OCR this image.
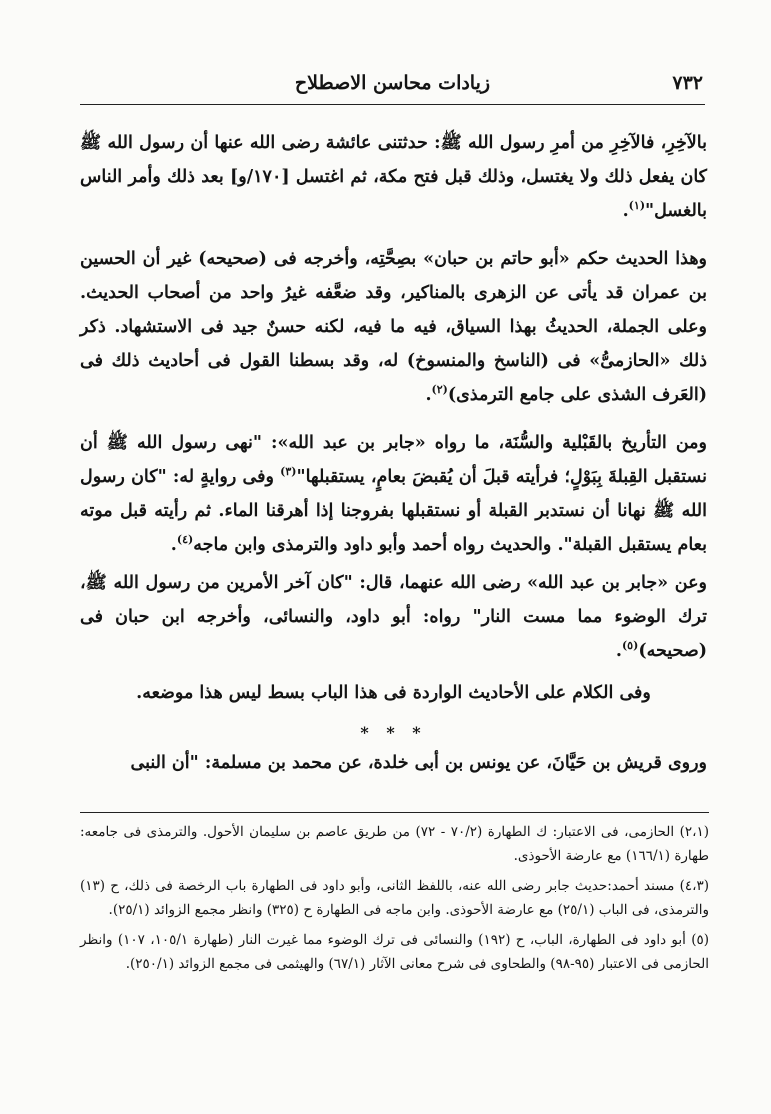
٧٣٢
زيادات محاسن الاصطلاح

بالآخِرِ، فالآخِرِ من أمرِ رسول الله ﷺ: حدثتنى عائشة رضى الله عنها أن رسول الله ﷺ كان يفعل ذلك ولا يغتسل، وذلك قبل فتح مكة، ثم اغتسل [١٧٠/و] بعد ذلك وأمر الناس بالغسل"$^{(١)}$.

وهذا الحديث حكم «أبو حاتم بن حبان» بصِحَّتِه، وأخرجه فى (صحيحه) غير أن الحسين بن عمران قد يأتى عن الزهرى بالمناكير، وقد ضعَّفه غيرُ واحد من أصحاب الحديث. وعلى الجملة، الحديثُ بهذا السياق، فيه ما فيه، لكنه حسنٌ جيد فى الاستشهاد. ذكر ذلك «الحازمىُّ» فى (الناسخ والمنسوخ) له، وقد بسطنا القول فى أحاديث ذلك فى (العَرف الشذى على جامع الترمذى)$^{(٢)}$.

ومن التأريخ بالقَبْلية والسُّنَة، ما رواه «جابر بن عبد الله»: "نهى رسول الله ﷺ أن نستقبل القِبلةَ بِبَوْلٍ؛ فرأيته قبلَ أن يُقبضَ بعامٍ، يستقبلها"$^{(٣)}$ وفى روايةٍ له: "كان رسول الله ﷺ نهانا أن نستدبر القبلة أو نستقبلها بفروجنا إذا أهرقنا الماء. ثم رأيته قبل موته بعام يستقبل القبلة". والحديث رواه أحمد وأبو داود والترمذى وابن ماجه$^{(٤)}$.

وعن «جابر بن عبد الله» رضى الله عنهما، قال: "كان آخر الأمرين من رسول الله ﷺ، ترك الوضوء مما مست النار" رواه: أبو داود، والنسائى، وأخرجه ابن حبان فى (صحيحه)$^{(٥)}$.

وفى الكلام على الأحاديث الواردة فى هذا الباب بسط ليس هذا موضعه.

* * *

وروى قريش بن حَيَّانَ، عن يونس بن أبى خلدة، عن محمد بن مسلمة: "أن النبى

(٢،١) الحازمى، فى الاعتبار: ك الطهارة (٧٠/٢ - ٧٢) من طريق عاصم بن سليمان الأحول. والترمذى فى جامعه: طهارة (١٦٦/١) مع عارضة الأحوذى.

(٤،٣) مسند أحمد:حديث جابر رضى الله عنه، باللفظ الثانى، وأبو داود فى الطهارة باب الرخصة فى ذلك، ح (١٣) والترمذى، فى الباب (٢٥/١) مع عارضة الأحوذى. وابن ماجه فى الطهارة ح (٣٢٥) وانظر مجمع الزوائد (٢٥/١).

(٥) أبو داود فى الطهارة، الباب، ح (١٩٢) والنسائى فى ترك الوضوء مما غيرت النار (طهارة ١٠٥/١، ١٠٧) وانظر الحازمى فى الاعتبار (٩٥-٩٨) والطحاوى فى شرح معانى الآثار (٦٧/١) والهيثمى فى مجمع الزوائد (٢٥٠/١).
